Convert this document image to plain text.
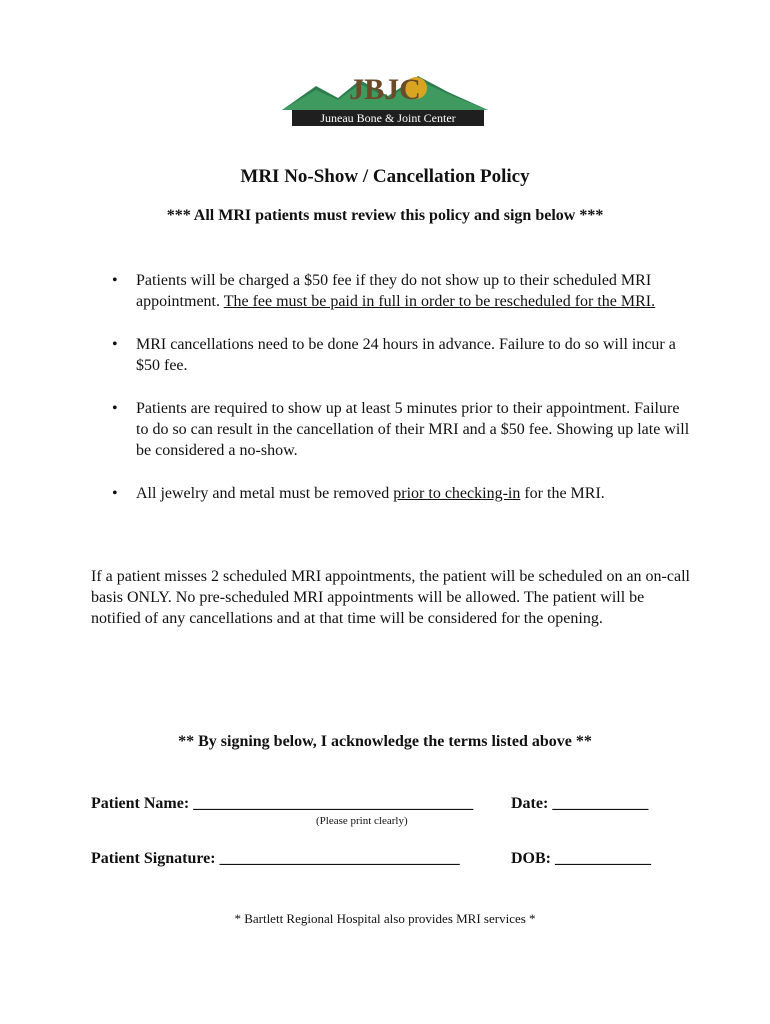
JBJC
Juneau Bone & Joint Center
MRI No-Show / Cancellation Policy
*** All MRI patients must review this policy and sign below ***
• Patients will be charged a $50 fee if they do not show up to their scheduled MRI appointment. The fee must be paid in full in order to be rescheduled for the MRI.
• MRI cancellations need to be done 24 hours in advance. Failure to do so will incur a $50 fee.
• Patients are required to show up at least 5 minutes prior to their appointment. Failure to do so can result in the cancellation of their MRI and a $50 fee. Showing up late will be considered a no-show.
• All jewelry and metal must be removed prior to checking-in for the MRI.
If a patient misses 2 scheduled MRI appointments, the patient will be scheduled on an on-call basis ONLY. No pre-scheduled MRI appointments will be allowed. The patient will be notified of any cancellations and at that time will be considered for the opening.
** By signing below, I acknowledge the terms listed above **
Patient Name: ___________________________________ Date: ____________
(Please print clearly)
Patient Signature: ______________________________	DOB: ____________
* Bartlett Regional Hospital also provides MRI services *
